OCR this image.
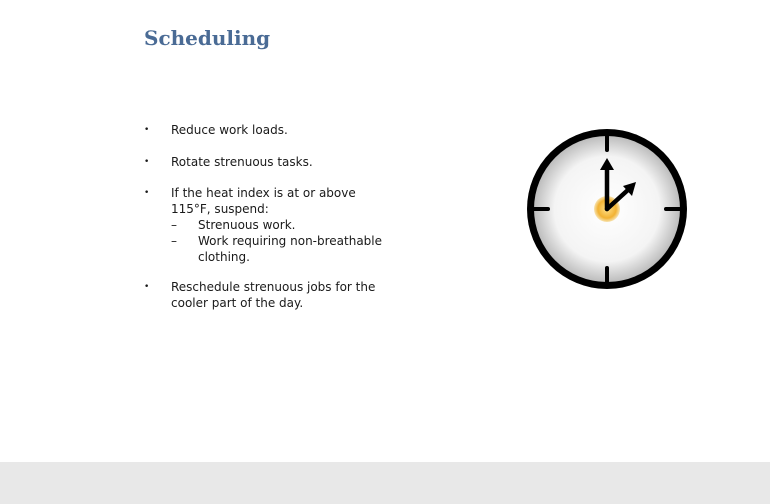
Scheduling
• Reduce work loads.
• Rotate strenuous tasks.
• If the heat index is at or above
115°F, suspend:
– Strenuous work.
– Work requiring non-breathable
clothing.
• Reschedule strenuous jobs for the
cooler part of the day.
